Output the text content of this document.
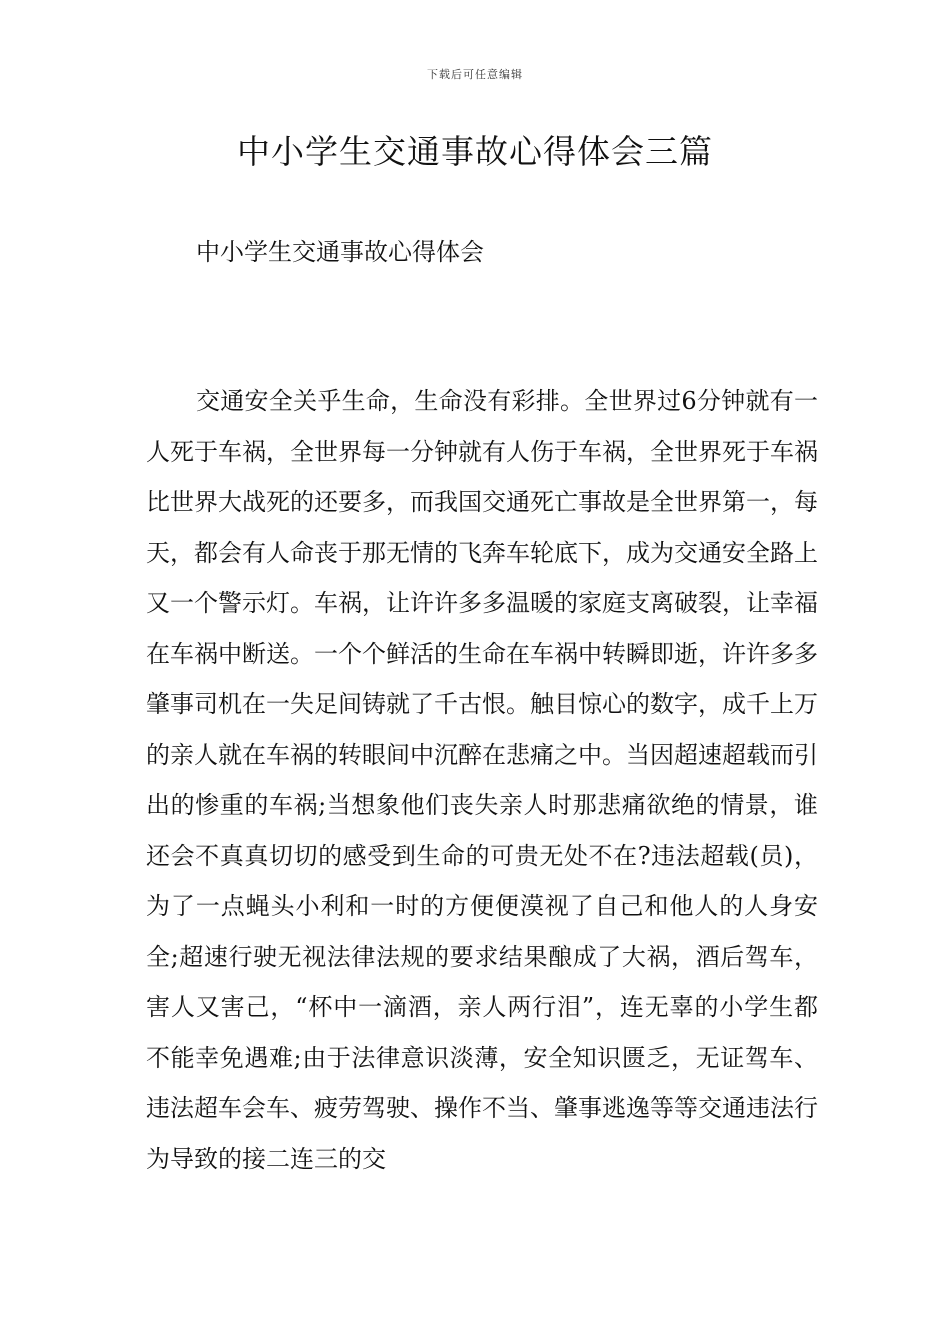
下载后可任意编辑
中小学生交通事故心得体会三篇

中小学生交通事故心得体会

交通安全关乎生命，生命没有彩排。全世界过6分钟就有一人死于车祸，全世界每一分钟就有人伤于车祸，全世界死于车祸比世界大战死的还要多，而我国交通死亡事故是全世界第一，每天，都会有人命丧于那无情的飞奔车轮底下，成为交通安全路上又一个警示灯。车祸，让许许多多温暖的家庭支离破裂，让幸福在车祸中断送。一个个鲜活的生命在车祸中转瞬即逝，许许多多肇事司机在一失足间铸就了千古恨。触目惊心的数字，成千上万的亲人就在车祸的转眼间中沉醉在悲痛之中。当因超速超载而引出的惨重的车祸;当想象他们丧失亲人时那悲痛欲绝的情景，谁还会不真真切切的感受到生命的可贵无处不在?违法超载(员)，为了一点蝇头小利和一时的方便便漠视了自己和他人的人身安全;超速行驶无视法律法规的要求结果酿成了大祸，酒后驾车，害人又害己，“杯中一滴酒，亲人两行泪”，连无辜的小学生都不能幸免遇难;由于法律意识淡薄，安全知识匮乏，无证驾车、违法超车会车、疲劳驾驶、操作不当、肇事逃逸等等交通违法行为导致的接二连三的交
